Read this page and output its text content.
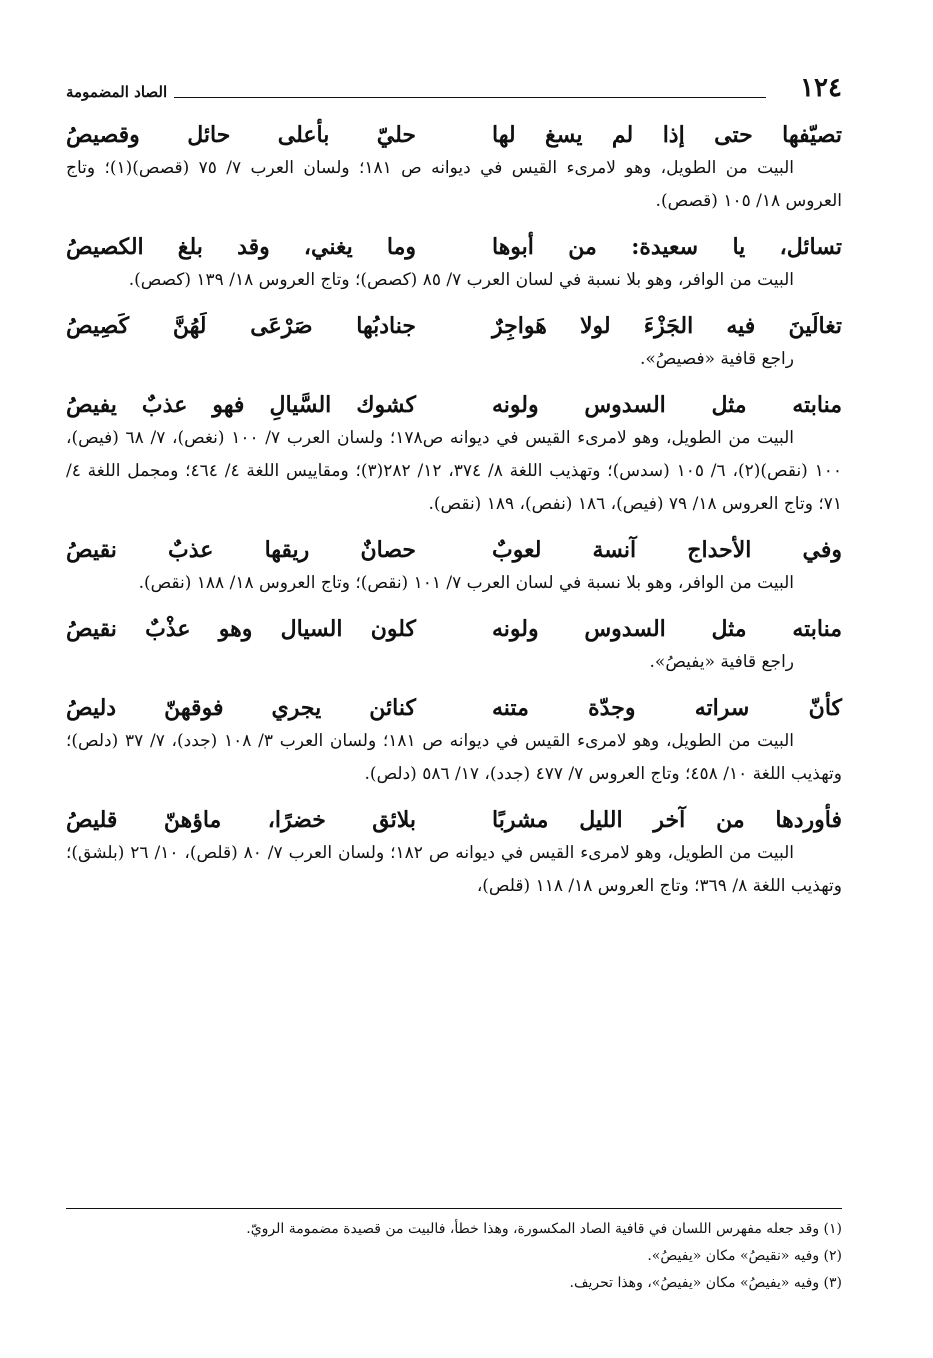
١٢٤
الصاد المضمومة
تصيّفها حتى إذا لم يسغ لها
حليّ بأعلى حائل وقصيصُ

البيت من الطويل، وهو لامرىء القيس في ديوانه ص ١٨١؛ ولسان العرب ٧/ ٧٥ (قصص)(١)؛ وتاج العروس ١٨/ ١٠٥ (قصص).

تسائل، يا سعيدة: من أبوها
وما يغني، وقد بلغ الكصيصُ

البيت من الوافر، وهو بلا نسبة في لسان العرب ٧/ ٨٥ (كصص)؛ وتاج العروس ١٨/ ١٣٩ (كصص).

تغالَينَ فيه الجَزْءَ لولا هَواجِرٌ
جنادبُها صَرْعَى لَهُنَّ كَصِيصُ

راجع قافية «فصيصُ».

منابته مثل السدوس ولونه
كشوك السَّيالِ فهو عذبٌ يفيصُ

البيت من الطويل، وهو لامرىء القيس في ديوانه ص١٧٨؛ ولسان العرب ٧/ ١٠٠ (نغص)، ٧/ ٦٨ (فيص)، ١٠٠ (نقص)(٢)، ٦/ ١٠٥ (سدس)؛ وتهذيب اللغة ٨/ ٣٧٤، ١٢/ ٢٨٢(٣)؛ ومقاييس اللغة ٤/ ٤٦٤؛ ومجمل اللغة ٤/ ٧١؛ وتاج العروس ١٨/ ٧٩ (فيص)، ١٨٦ (نفص)، ١٨٩ (نقص).

وفي الأحداج آنسة لعوبٌ
حصانٌ ريقها عذبٌ نقيصُ

البيت من الوافر، وهو بلا نسبة في لسان العرب ٧/ ١٠١ (نقص)؛ وتاج العروس ١٨/ ١٨٨ (نقص).

منابته مثل السدوس ولونه
كلون السيال وهو عذْبٌ نقيصُ

راجع قافية «يفيصُ».

كأنّ سراته وجدّة متنه
كنائن يجري فوقهنّ دليصُ

البيت من الطويل، وهو لامرىء القيس في ديوانه ص ١٨١؛ ولسان العرب ٣/ ١٠٨ (جدد)، ٧/ ٣٧ (دلص)؛ وتهذيب اللغة ١٠/ ٤٥٨؛ وتاج العروس ٧/ ٤٧٧ (جدد)، ١٧/ ٥٨٦ (دلص).

فأوردها من آخر الليل مشربًا
بلائق خضرًا، ماؤهنّ قليصُ

البيت من الطويل، وهو لامرىء القيس في ديوانه ص ١٨٢؛ ولسان العرب ٧/ ٨٠ (قلص)، ١٠/ ٢٦ (بلشق)؛ وتهذيب اللغة ٨/ ٣٦٩؛ وتاج العروس ١٨/ ١١٨ (قلص)،

(١) وقد جعله مفهرس اللسان في قافية الصاد المكسورة، وهذا خطأ، فالبيت من قصيدة مضمومة الرويّ.
(٢) وفيه «نقيصُ» مكان «يفيصُ».
(٣) وفيه «يفيصُ» مكان «يفيصُ»، وهذا تحريف.
